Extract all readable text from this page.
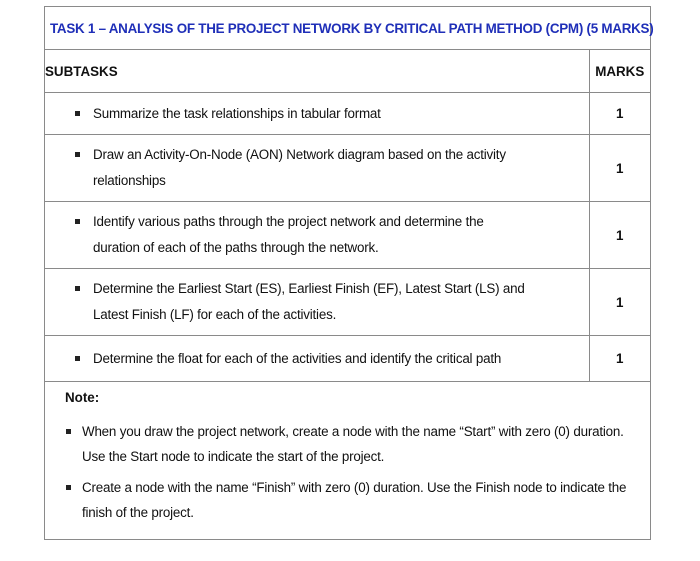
TASK 1 – ANALYSIS OF THE PROJECT NETWORK BY CRITICAL PATH METHOD (CPM) (5 MARKS)
SUBTASKS	MARKS

Summarize the task relationships in tabular format	1

Draw an Activity-On-Node (AON) Network diagram based on the activity relationships	1

Identify various paths through the project network and determine the duration of each of the paths through the network.	1

Determine the Earliest Start (ES), Earliest Finish (EF), Latest Start (LS) and Latest Finish (LF) for each of the activities.	1

Determine the float for each of the activities and identify the critical path	1
Note:
When you draw the project network, create a node with the name “Start” with zero (0) duration. Use the Start node to indicate the start of the project.
Create a node with the name “Finish” with zero (0) duration. Use the Finish node to indicate the finish of the project.
